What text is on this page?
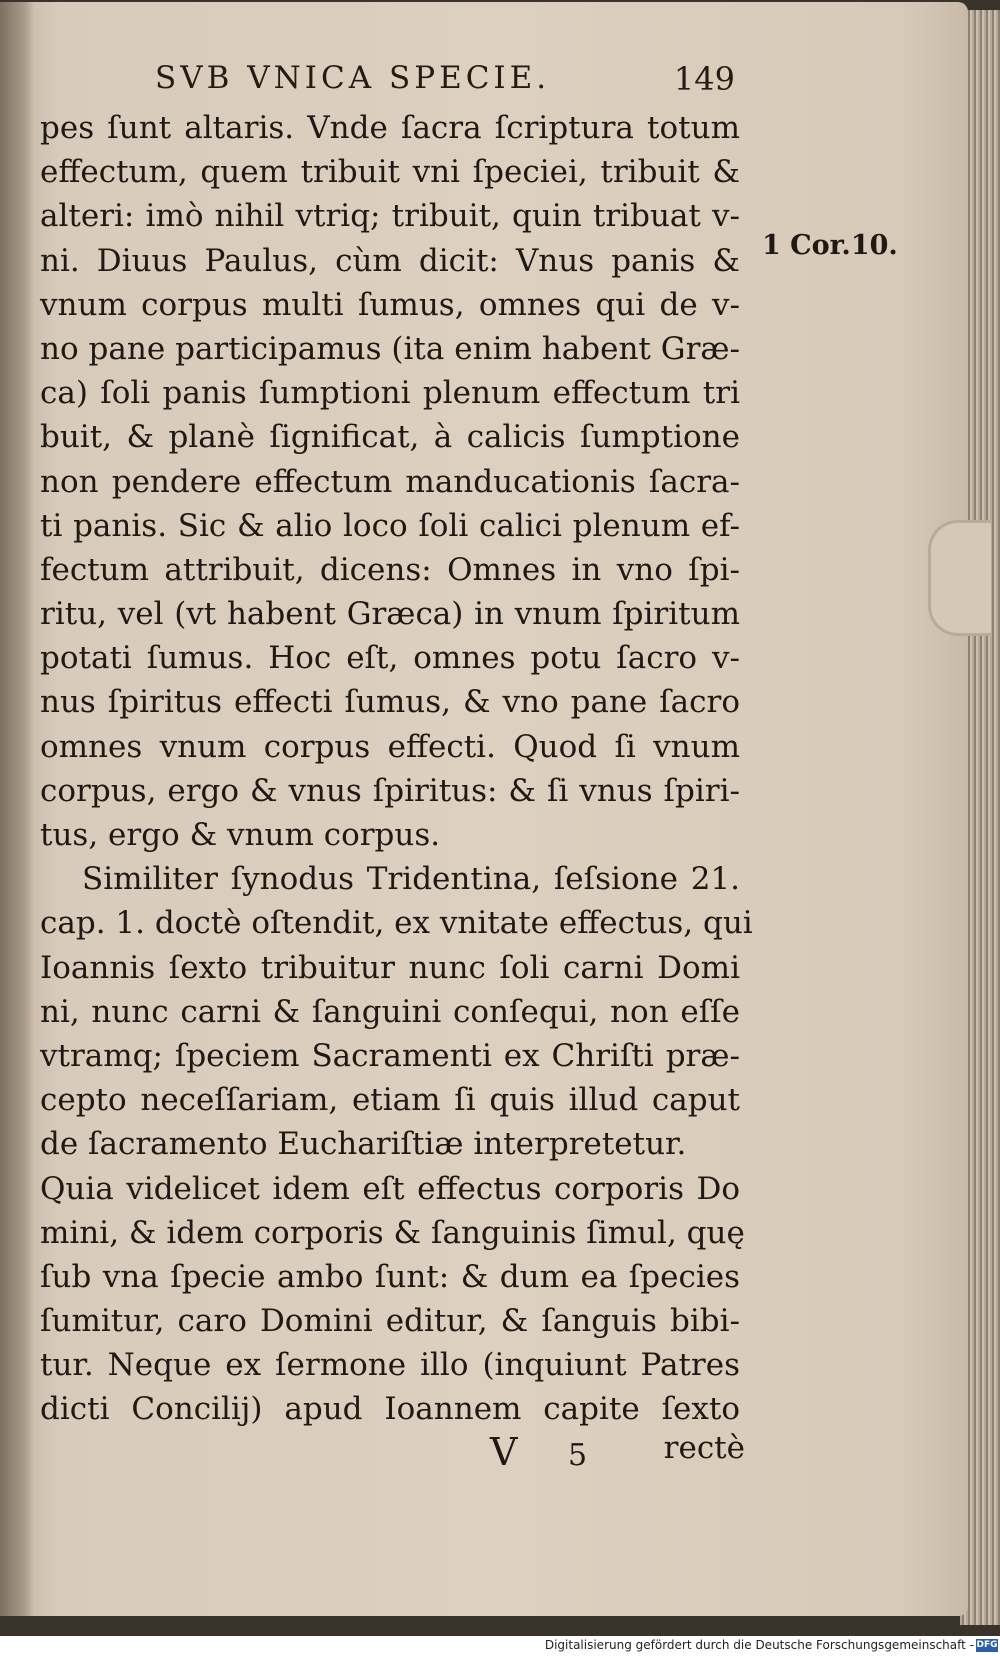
SVB VNICA SPECIE.	149
1 Cor.10.
pes ſunt altaris. Vnde ſacra ſcriptura totum
effectum, quem tribuit vni ſpeciei, tribuit &
alteri: imò nihil vtriq; tribuit, quin tribuat v-
ni. Diuus Paulus, cùm dicit: Vnus panis &
vnum corpus multi ſumus, omnes qui de v-
no pane participamus (ita enim habent Græ-
ca) ſoli panis ſumptioni plenum effectum tri
buit, & planè ſignificat, à calicis ſumptione
non pendere effectum manducationis ſacra-
ti panis. Sic & alio loco ſoli calici plenum ef-
fectum attribuit, dicens: Omnes in vno ſpi-
ritu, vel (vt habent Græca) in vnum ſpiritum
potati ſumus. Hoc eſt, omnes potu ſacro v-
nus ſpiritus effecti ſumus, & vno pane ſacro
omnes vnum corpus effecti. Quod ſi vnum
corpus, ergo & vnus ſpiritus: & ſi vnus ſpiri-
tus, ergo & vnum corpus.
Similiter ſynodus Tridentina, ſeſsione 21.
cap. 1. doctè oſtendit, ex vnitate effectus, qui
Ioannis ſexto tribuitur nunc ſoli carni Domi
ni, nunc carni & ſanguini conſequi, non eſſe
vtramq; ſpeciem Sacramenti ex Chriſti præ-
cepto neceſſariam, etiam ſi quis illud caput
de ſacramento Euchariſtiæ interpretetur.
Quia videlicet idem eſt effectus corporis Do
mini, & idem corporis & ſanguinis ſimul, quę
ſub vna ſpecie ambo ſunt: & dum ea ſpecies
ſumitur, caro Domini editur, & ſanguis bibi-
tur. Neque ex ſermone illo (inquiunt Patres
dicti Concilij) apud Ioannem capite ſexto
V 5 rectè
Digitalisierung gefördert durch die Deutsche Forschungsgemeinschaft - DFG
